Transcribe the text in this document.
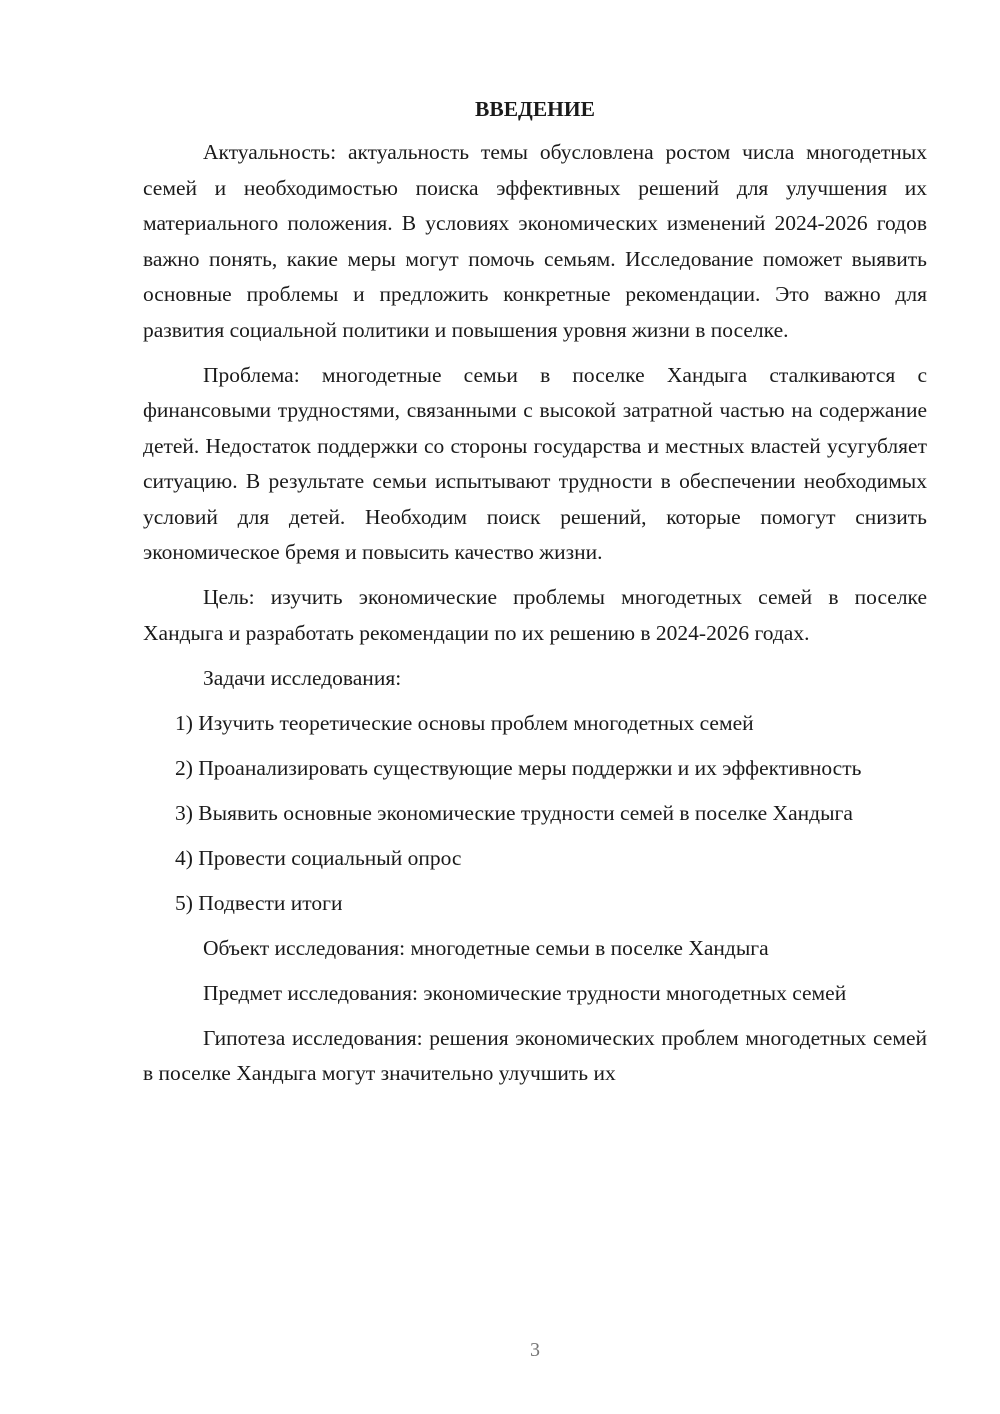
ВВЕДЕНИЕ

Актуальность: актуальность темы обусловлена ростом числа многодетных семей и необходимостью поиска эффективных решений для улучшения их материального положения. В условиях экономических изменений 2024-2026 годов важно понять, какие меры могут помочь семьям. Исследование поможет выявить основные проблемы и предложить конкретные рекомендации. Это важно для развития социальной политики и повышения уровня жизни в поселке.

Проблема: многодетные семьи в поселке Хандыга сталкиваются с финансовыми трудностями, связанными с высокой затратной частью на содержание детей. Недостаток поддержки со стороны государства и местных властей усугубляет ситуацию. В результате семьи испытывают трудности в обеспечении необходимых условий для детей. Необходим поиск решений, которые помогут снизить экономическое бремя и повысить качество жизни.

Цель: изучить экономические проблемы многодетных семей в поселке Хандыга и разработать рекомендации по их решению в 2024-2026 годах.

Задачи исследования:

1) Изучить теоретические основы проблем многодетных семей

2) Проанализировать существующие меры поддержки и их эффективность

3) Выявить основные экономические трудности семей в поселке Хандыга

4) Провести социальный опрос

5) Подвести итоги

Объект исследования: многодетные семьи в поселке Хандыга

Предмет исследования: экономические трудности многодетных семей

Гипотеза исследования: решения экономических проблем многодетных семей в поселке Хандыга могут значительно улучшить их

3
